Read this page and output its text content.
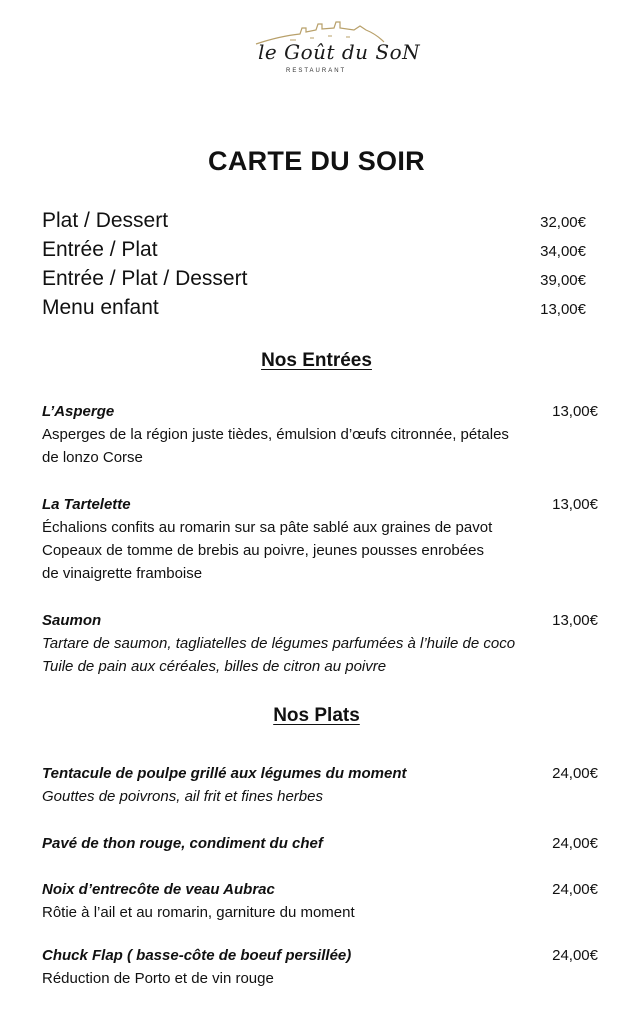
le Goût du SoN
RESTAURANT
CARTE DU SOIR
Plat / Dessert	32,00€
Entrée / Plat	34,00€
Entrée / Plat / Dessert	39,00€
Menu enfant	13,00€
Nos Entrées
L’Asperge	13,00€
Asperges de la région juste tièdes, émulsion d’œufs citronnée, pétales
de lonzo Corse
La Tartelette	13,00€
Échalions confits au romarin sur sa pâte sablé aux graines de pavot
Copeaux de tomme de brebis au poivre, jeunes pousses enrobées
de vinaigrette framboise
Saumon	13,00€
Tartare de saumon, tagliatelles de légumes parfumées à l’huile de coco
Tuile de pain aux céréales, billes de citron au poivre
Nos Plats
Tentacule de poulpe grillé aux légumes du moment	24,00€
Gouttes de poivrons, ail frit et fines herbes
Pavé de thon rouge, condiment du chef	24,00€
Noix d’entrecôte de veau Aubrac	24,00€
Rôtie à l’ail et au romarin, garniture du moment
Chuck Flap ( basse-côte de boeuf persillée)	24,00€
Réduction de Porto et de vin rouge
